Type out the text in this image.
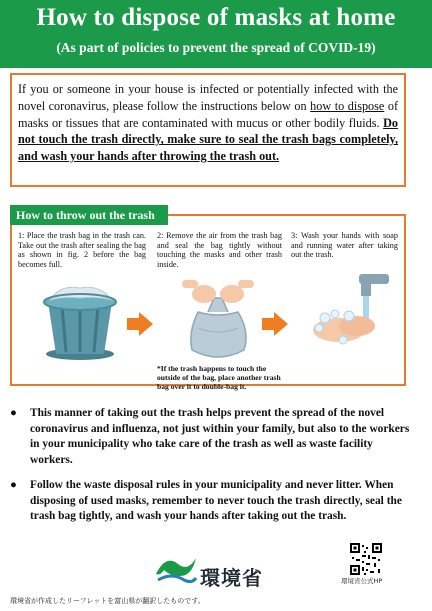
How to dispose of masks at home
(As part of policies to prevent the spread of COVID-19)
If you or someone in your house is infected or potentially infected with the novel coronavirus, please follow the instructions below on how to dispose of masks or tissues that are contaminated with mucus or other bodily fluids. Do not touch the trash directly, make sure to seal the trash bags completely, and wash your hands after throwing the trash out.
How to throw out the trash
1: Place the trash bag in the trash can. Take out the trash after sealing the bag as shown in fig. 2 before the bag becomes full.
2: Remove the air from the trash bag and seal the bag tightly without touching the masks and other trash inside.
3: Wash your hands with soap and running water after taking out the trash.
*If the trash happens to touch the outside of the bag, place another trash bag over it to double-bag it.
● This manner of taking out the trash helps prevent the spread of the novel coronavirus and influenza, not just within your family, but also to the workers in your municipality who take care of the trash as well as waste facility workers.
● Follow the waste disposal rules in your municipality and never litter. When disposing of used masks, remember to never touch the trash directly, seal the trash bag tightly, and wash your hands after taking out the trash.
環境省	環境省公式HP
環境省が作成したリーフレットを富山県が翻訳したものです。
